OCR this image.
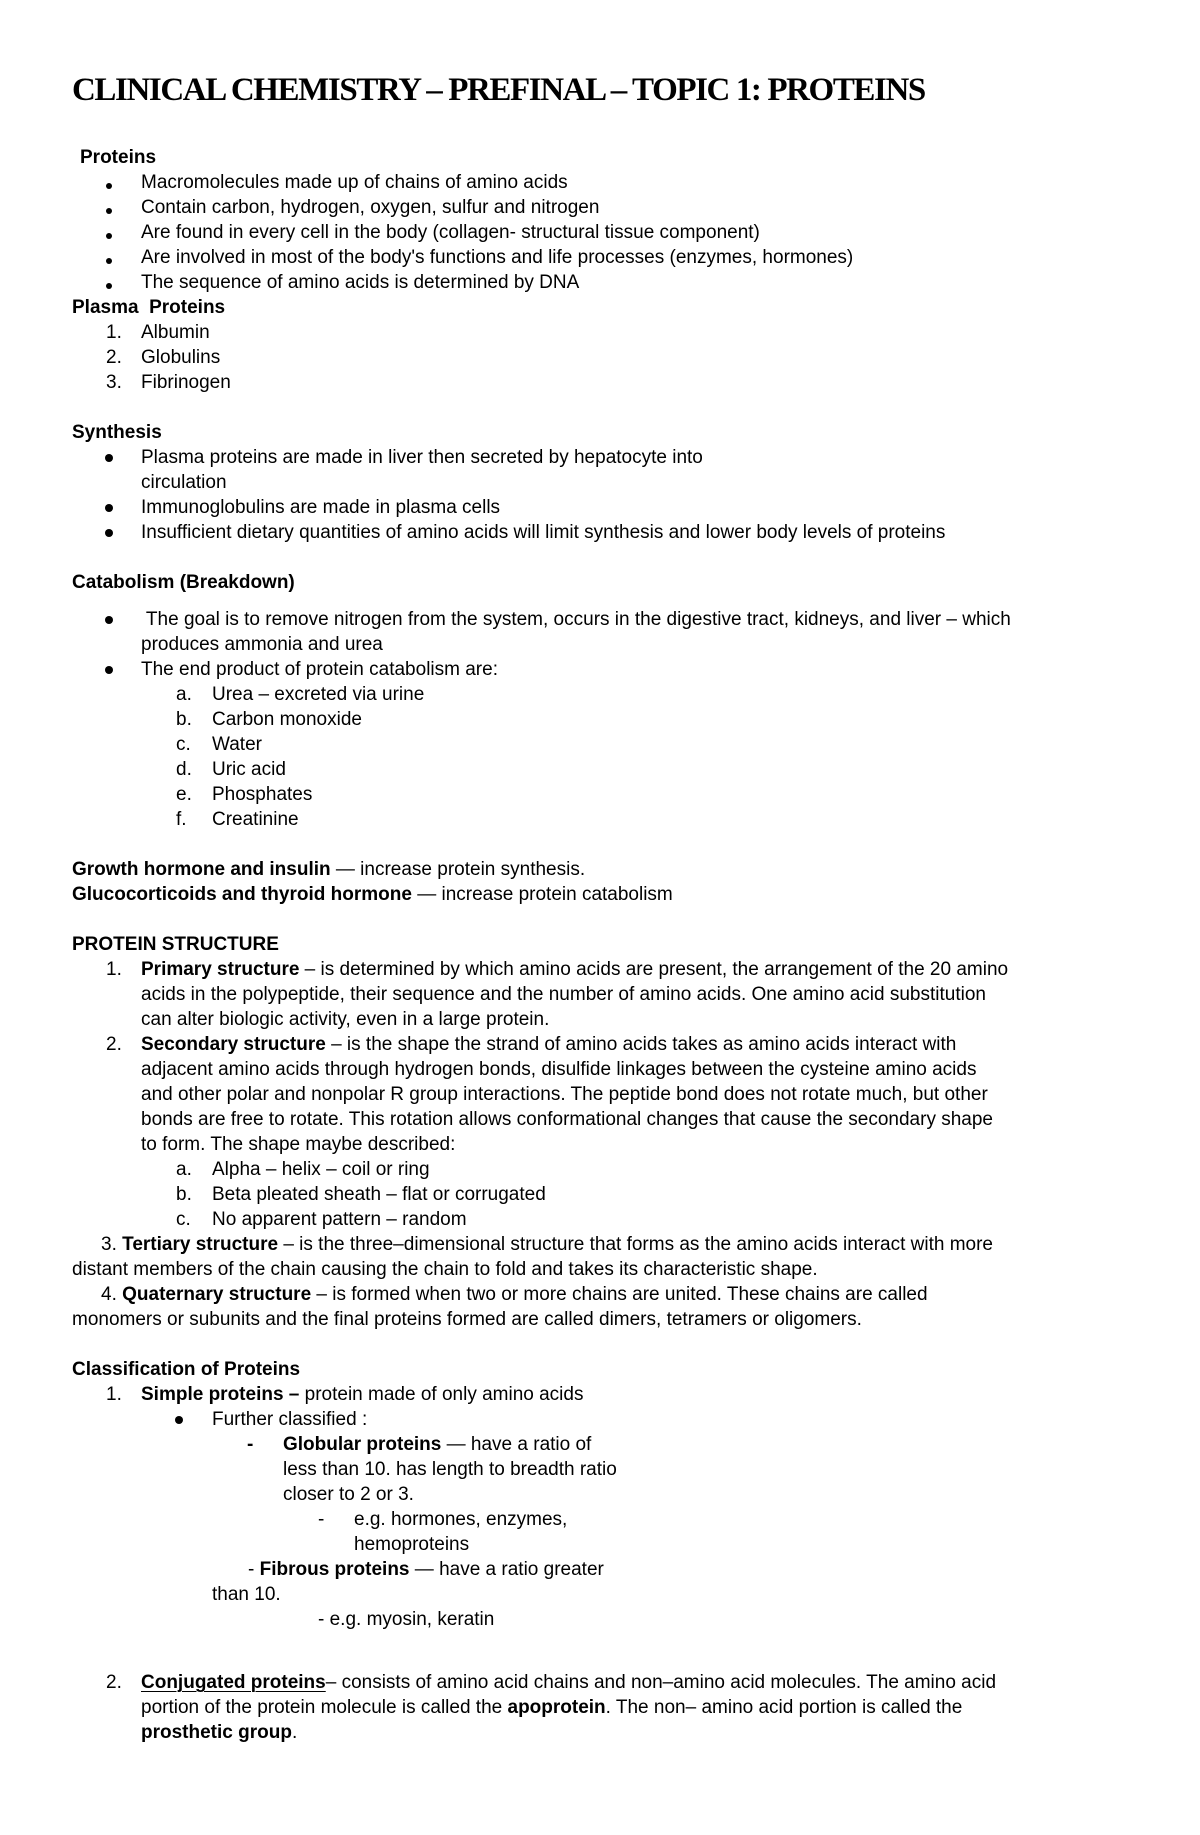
CLINICAL CHEMISTRY – PREFINAL – TOPIC 1: PROTEINS
Proteins
Macromolecules made up of chains of amino acids
Contain carbon, hydrogen, oxygen, sulfur and nitrogen
Are found in every cell in the body (collagen- structural tissue component)
Are involved in most of the body's functions and life processes (enzymes, hormones)
The sequence of amino acids is determined by DNA
Plasma  Proteins
1. Albumin
2. Globulins
3. Fibrinogen
Synthesis
Plasma proteins are made in liver then secreted by hepatocyte into
circulation
Immunoglobulins are made in plasma cells
Insufficient dietary quantities of amino acids will limit synthesis and lower body levels of proteins
Catabolism (Breakdown)
The goal is to remove nitrogen from the system, occurs in the digestive tract, kidneys, and liver – which
produces ammonia and urea
The end product of protein catabolism are:
a. Urea – excreted via urine
b. Carbon monoxide
c. Water
d. Uric acid
e. Phosphates
f. Creatinine
Growth hormone and insulin — increase protein synthesis.
Glucocorticoids and thyroid hormone — increase protein catabolism
PROTEIN STRUCTURE
1. Primary structure – is determined by which amino acids are present, the arrangement of the 20 amino
acids in the polypeptide, their sequence and the number of amino acids. One amino acid substitution
can alter biologic activity, even in a large protein.
2. Secondary structure – is the shape the strand of amino acids takes as amino acids interact with
adjacent amino acids through hydrogen bonds, disulfide linkages between the cysteine amino acids
and other polar and nonpolar R group interactions. The peptide bond does not rotate much, but other
bonds are free to rotate. This rotation allows conformational changes that cause the secondary shape
to form. The shape maybe described:
a. Alpha – helix – coil or ring
b. Beta pleated sheath – flat or corrugated
c. No apparent pattern – random
3. Tertiary structure – is the three–dimensional structure that forms as the amino acids interact with more
distant members of the chain causing the chain to fold and takes its characteristic shape.
4. Quaternary structure – is formed when two or more chains are united. These chains are called
monomers or subunits and the final proteins formed are called dimers, tetramers or oligomers.
Classification of Proteins
1. Simple proteins – protein made of only amino acids
Further classified :
- Globular proteins — have a ratio of
less than 10. has length to breadth ratio
closer to 2 or 3.
- e.g. hormones, enzymes,
hemoproteins
- Fibrous proteins — have a ratio greater
than 10.
- e.g. myosin, keratin
2. Conjugated proteins– consists of amino acid chains and non–amino acid molecules. The amino acid
portion of the protein molecule is called the apoprotein. The non– amino acid portion is called the
prosthetic group.
